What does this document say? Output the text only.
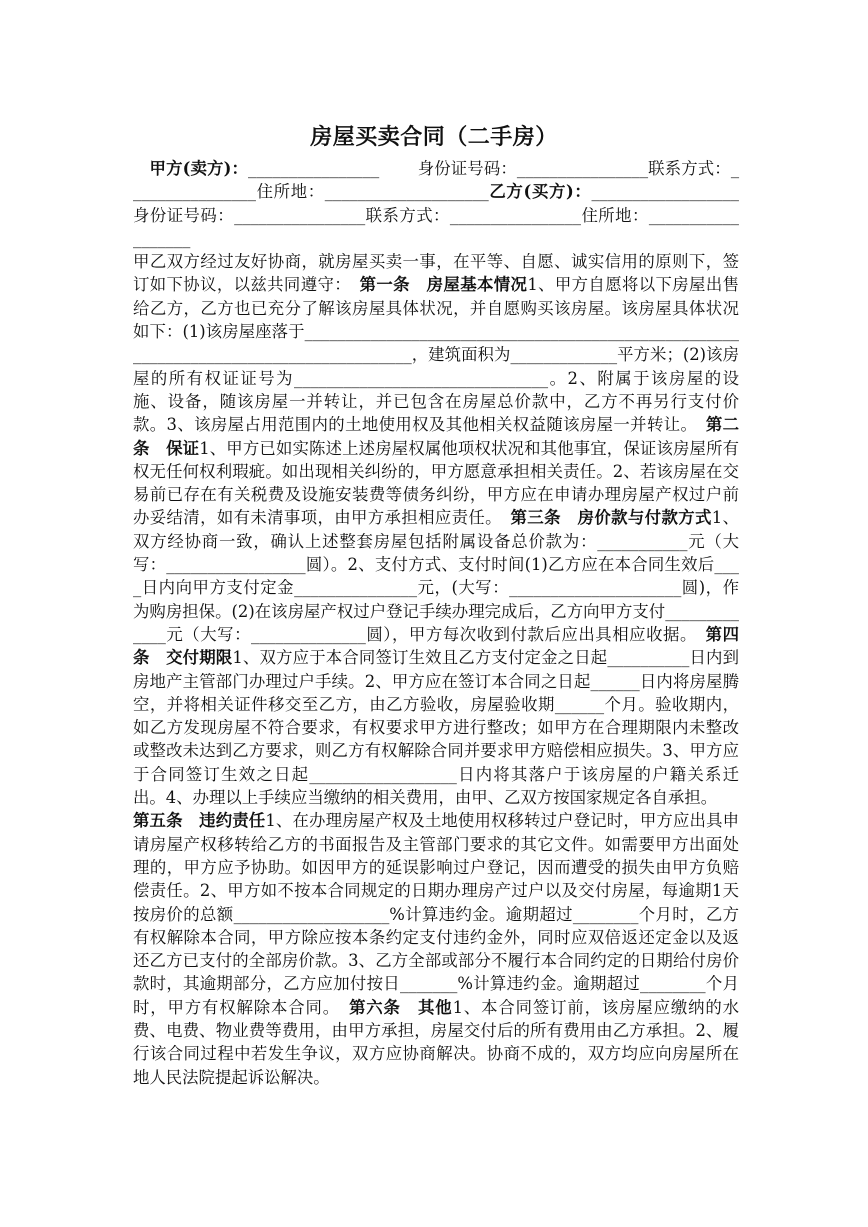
房屋买卖合同（二手房）

　甲方(卖方)：________________　　 身份证号码：________________联系方式：________________住所地：____________________乙方(买方)：__________________　　 身份证号码：________________联系方式：________________住所地：__________________

甲乙双方经过友好协商，就房屋买卖一事，在平等、自愿、诚实信用的原则下，签订如下协议，以兹共同遵守：　第一条　房屋基本情况1、甲方自愿将以下房屋出售给乙方，乙方也已充分了解该房屋具体状况，并自愿购买该房屋。该房屋具体状况如下：(1)该房屋座落于_______________________________________________________________________________________，建筑面积为_____________平方米；(2)该房屋的所有权证证号为_______________________________。2、附属于该房屋的设施、设备，随该房屋一并转让，并已包含在房屋总价款中，乙方不再另行支付价款。3、该房屋占用范围内的土地使用权及其他相关权益随该房屋一并转让。　第二条　保证1、甲方已如实陈述上述房屋权属他项权状况和其他事宜，保证该房屋所有权无任何权利瑕疵。如出现相关纠纷的，甲方愿意承担相关责任。2、若该房屋在交易前已存在有关税费及设施安装费等债务纠纷，甲方应在申请办理房屋产权过户前办妥结清，如有未清事项，由甲方承担相应责任。　第三条　房价款与付款方式1、双方经协商一致，确认上述整套房屋包括附属设备总价款为：___________元（大写：_________________圆）。2、支付方式、支付时间(1)乙方应在本合同生效后____日内向甲方支付定金_______________元，(大写：_____________________圆)，作为购房担保。(2)在该房屋产权过户登记手续办理完成后，乙方向甲方支付_____________元（大写：______________圆），甲方每次收到付款后应出具相应收据。　第四条　交付期限1、双方应于本合同签订生效且乙方支付定金之日起__________日内到房地产主管部门办理过户手续。2、甲方应在签订本合同之日起______日内将房屋腾空，并将相关证件移交至乙方，由乙方验收，房屋验收期______个月。验收期内，如乙方发现房屋不符合要求，有权要求甲方进行整改；如甲方在合理期限内未整改或整改未达到乙方要求，则乙方有权解除合同并要求甲方赔偿相应损失。3、甲方应于合同签订生效之日起__________________日内将其落户于该房屋的户籍关系迁出。4、办理以上手续应当缴纳的相关费用，由甲、乙双方按国家规定各自承担。

第五条　违约责任1、在办理房屋产权及土地使用权移转过户登记时，甲方应出具申请房屋产权移转给乙方的书面报告及主管部门要求的其它文件。如需要甲方出面处理的，甲方应予协助。如因甲方的延误影响过户登记，因而遭受的损失由甲方负赔偿责任。2、甲方如不按本合同规定的日期办理房产过户以及交付房屋，每逾期1天按房价的总额___________________%计算违约金。逾期超过________个月时，乙方有权解除本合同，甲方除应按本条约定支付违约金外，同时应双倍返还定金以及返还乙方已支付的全部房价款。3、乙方全部或部分不履行本合同约定的日期给付房价款时，其逾期部分，乙方应加付按日_______%计算违约金。逾期超过________个月时，甲方有权解除本合同。　第六条　其他1、本合同签订前，该房屋应缴纳的水费、电费、物业费等费用，由甲方承担，房屋交付后的所有费用由乙方承担。2、履行该合同过程中若发生争议，双方应协商解决。协商不成的，双方均应向房屋所在地人民法院提起诉讼解决。
